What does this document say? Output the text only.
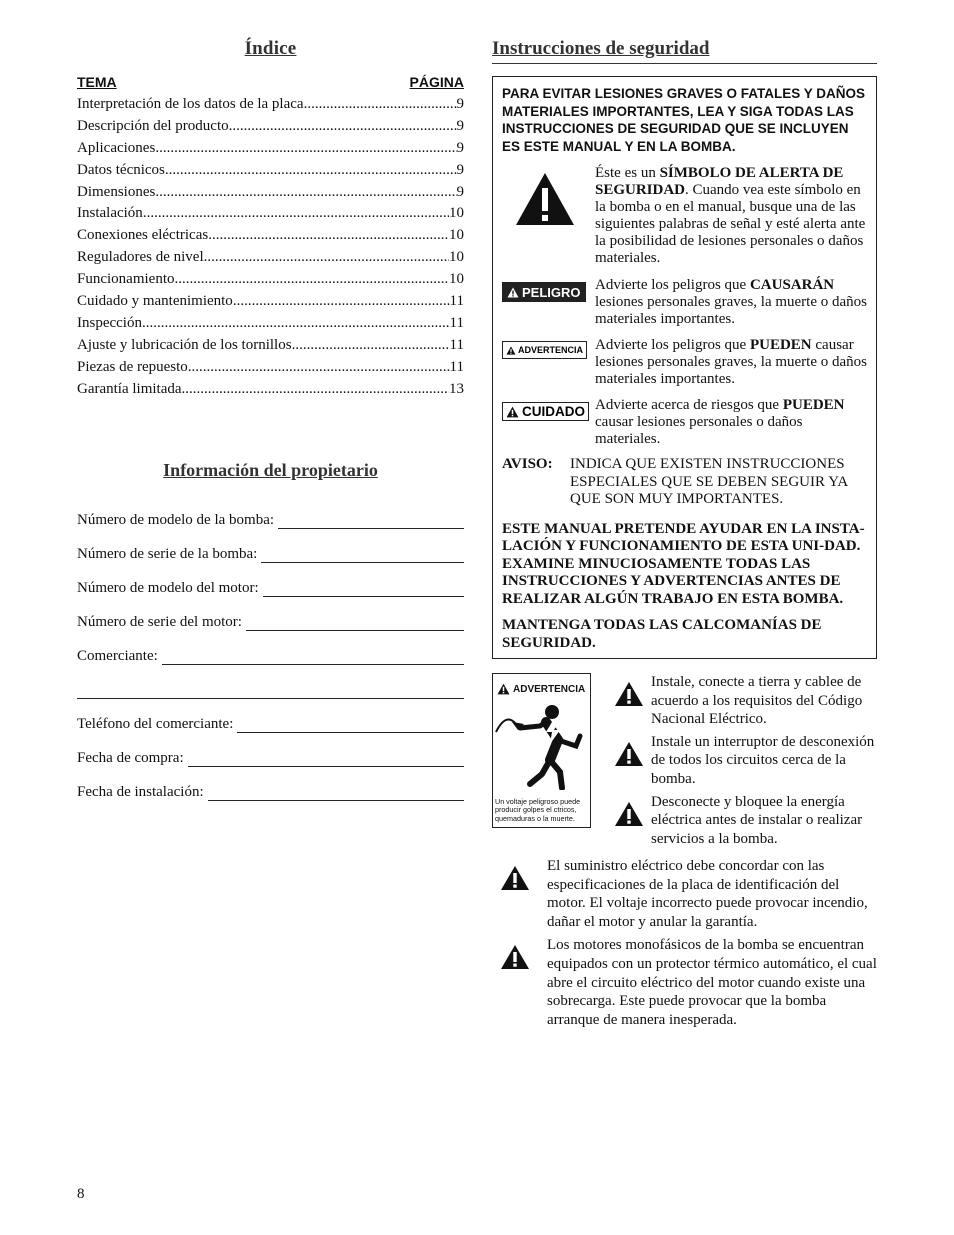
Índice
TEMA	PÁGINA
Interpretación de los datos de la placa .....	9
Descripción del producto .....	9
Aplicaciones .....	9
Datos técnicos .....	9
Dimensiones .....	9
Instalación .....	10
Conexiones eléctricas .....	10
Reguladores de nivel .....	10
Funcionamiento .....	10
Cuidado y mantenimiento .....	11
Inspección .....	11
Ajuste y lubricación de los tornillos .....	11
Piezas de repuesto .....	11
Garantía limitada .....	13
Información del propietario
Número de modelo de la bomba:
Número de serie de la bomba:
Número de modelo del motor:
Número de serie del motor:
Comerciante:
Teléfono del comerciante:
Fecha de compra:
Fecha de instalación:
Instrucciones de seguridad
PARA EVITAR LESIONES GRAVES O FATALES Y DAÑOS MATERIALES IMPORTANTES, LEA Y SIGA TODAS LAS INSTRUCCIONES DE SEGURIDAD QUE SE INCLUYEN ES ESTE MANUAL Y EN LA BOMBA.
Éste es un SÍMBOLO DE ALERTA DE SEGURIDAD. Cuando vea este símbolo en la bomba o en el manual, busque una de las siguientes palabras de señal y esté alerta ante la posibilidad de lesiones personales o daños materiales.
PELIGRO Advierte los peligros que CAUSARÁN lesiones personales graves, la muerte o daños materiales importantes.
ADVERTENCIA Advierte los peligros que PUEDEN causar lesiones personales graves, la muerte o daños materiales importantes.
CUIDADO Advierte acerca de riesgos que PUEDEN causar lesiones personales o daños materiales.
AVISO:	INDICA QUE EXISTEN INSTRUCCIONES ESPECIALES QUE SE DEBEN SEGUIR YA QUE SON MUY IMPORTANTES.
ESTE MANUAL PRETENDE AYUDAR EN LA INSTA-LACIÓN Y FUNCIONAMIENTO DE ESTA UNI-DAD. EXAMINE MINUCIOSAMENTE TODAS LAS INSTRUCCIONES Y ADVERTENCIAS ANTES DE REALIZAR ALGÚN TRABAJO EN ESTA BOMBA.
MANTENGA TODAS LAS CALCOMANÍAS DE SEGURIDAD.
ADVERTENCIA
Un voltaje peligroso puede producir golpes el ctricos, quemaduras o la muerte.
Instale, conecte a tierra y cablee de acuerdo a los requisitos del Código Nacional Eléctrico.
Instale un interruptor de desconexión de todos los circuitos cerca de la bomba.
Desconecte y bloquee la energía eléctrica antes de instalar o realizar servicios a la bomba.
El suministro eléctrico debe concordar con las especificaciones de la placa de identificación del motor. El voltaje incorrecto puede provocar incendio, dañar el motor y anular la garantía.
Los motores monofásicos de la bomba se encuentran equipados con un protector térmico automático, el cual abre el circuito eléctrico del motor cuando existe una sobrecarga. Este puede provocar que la bomba arranque de manera inesperada.
8
